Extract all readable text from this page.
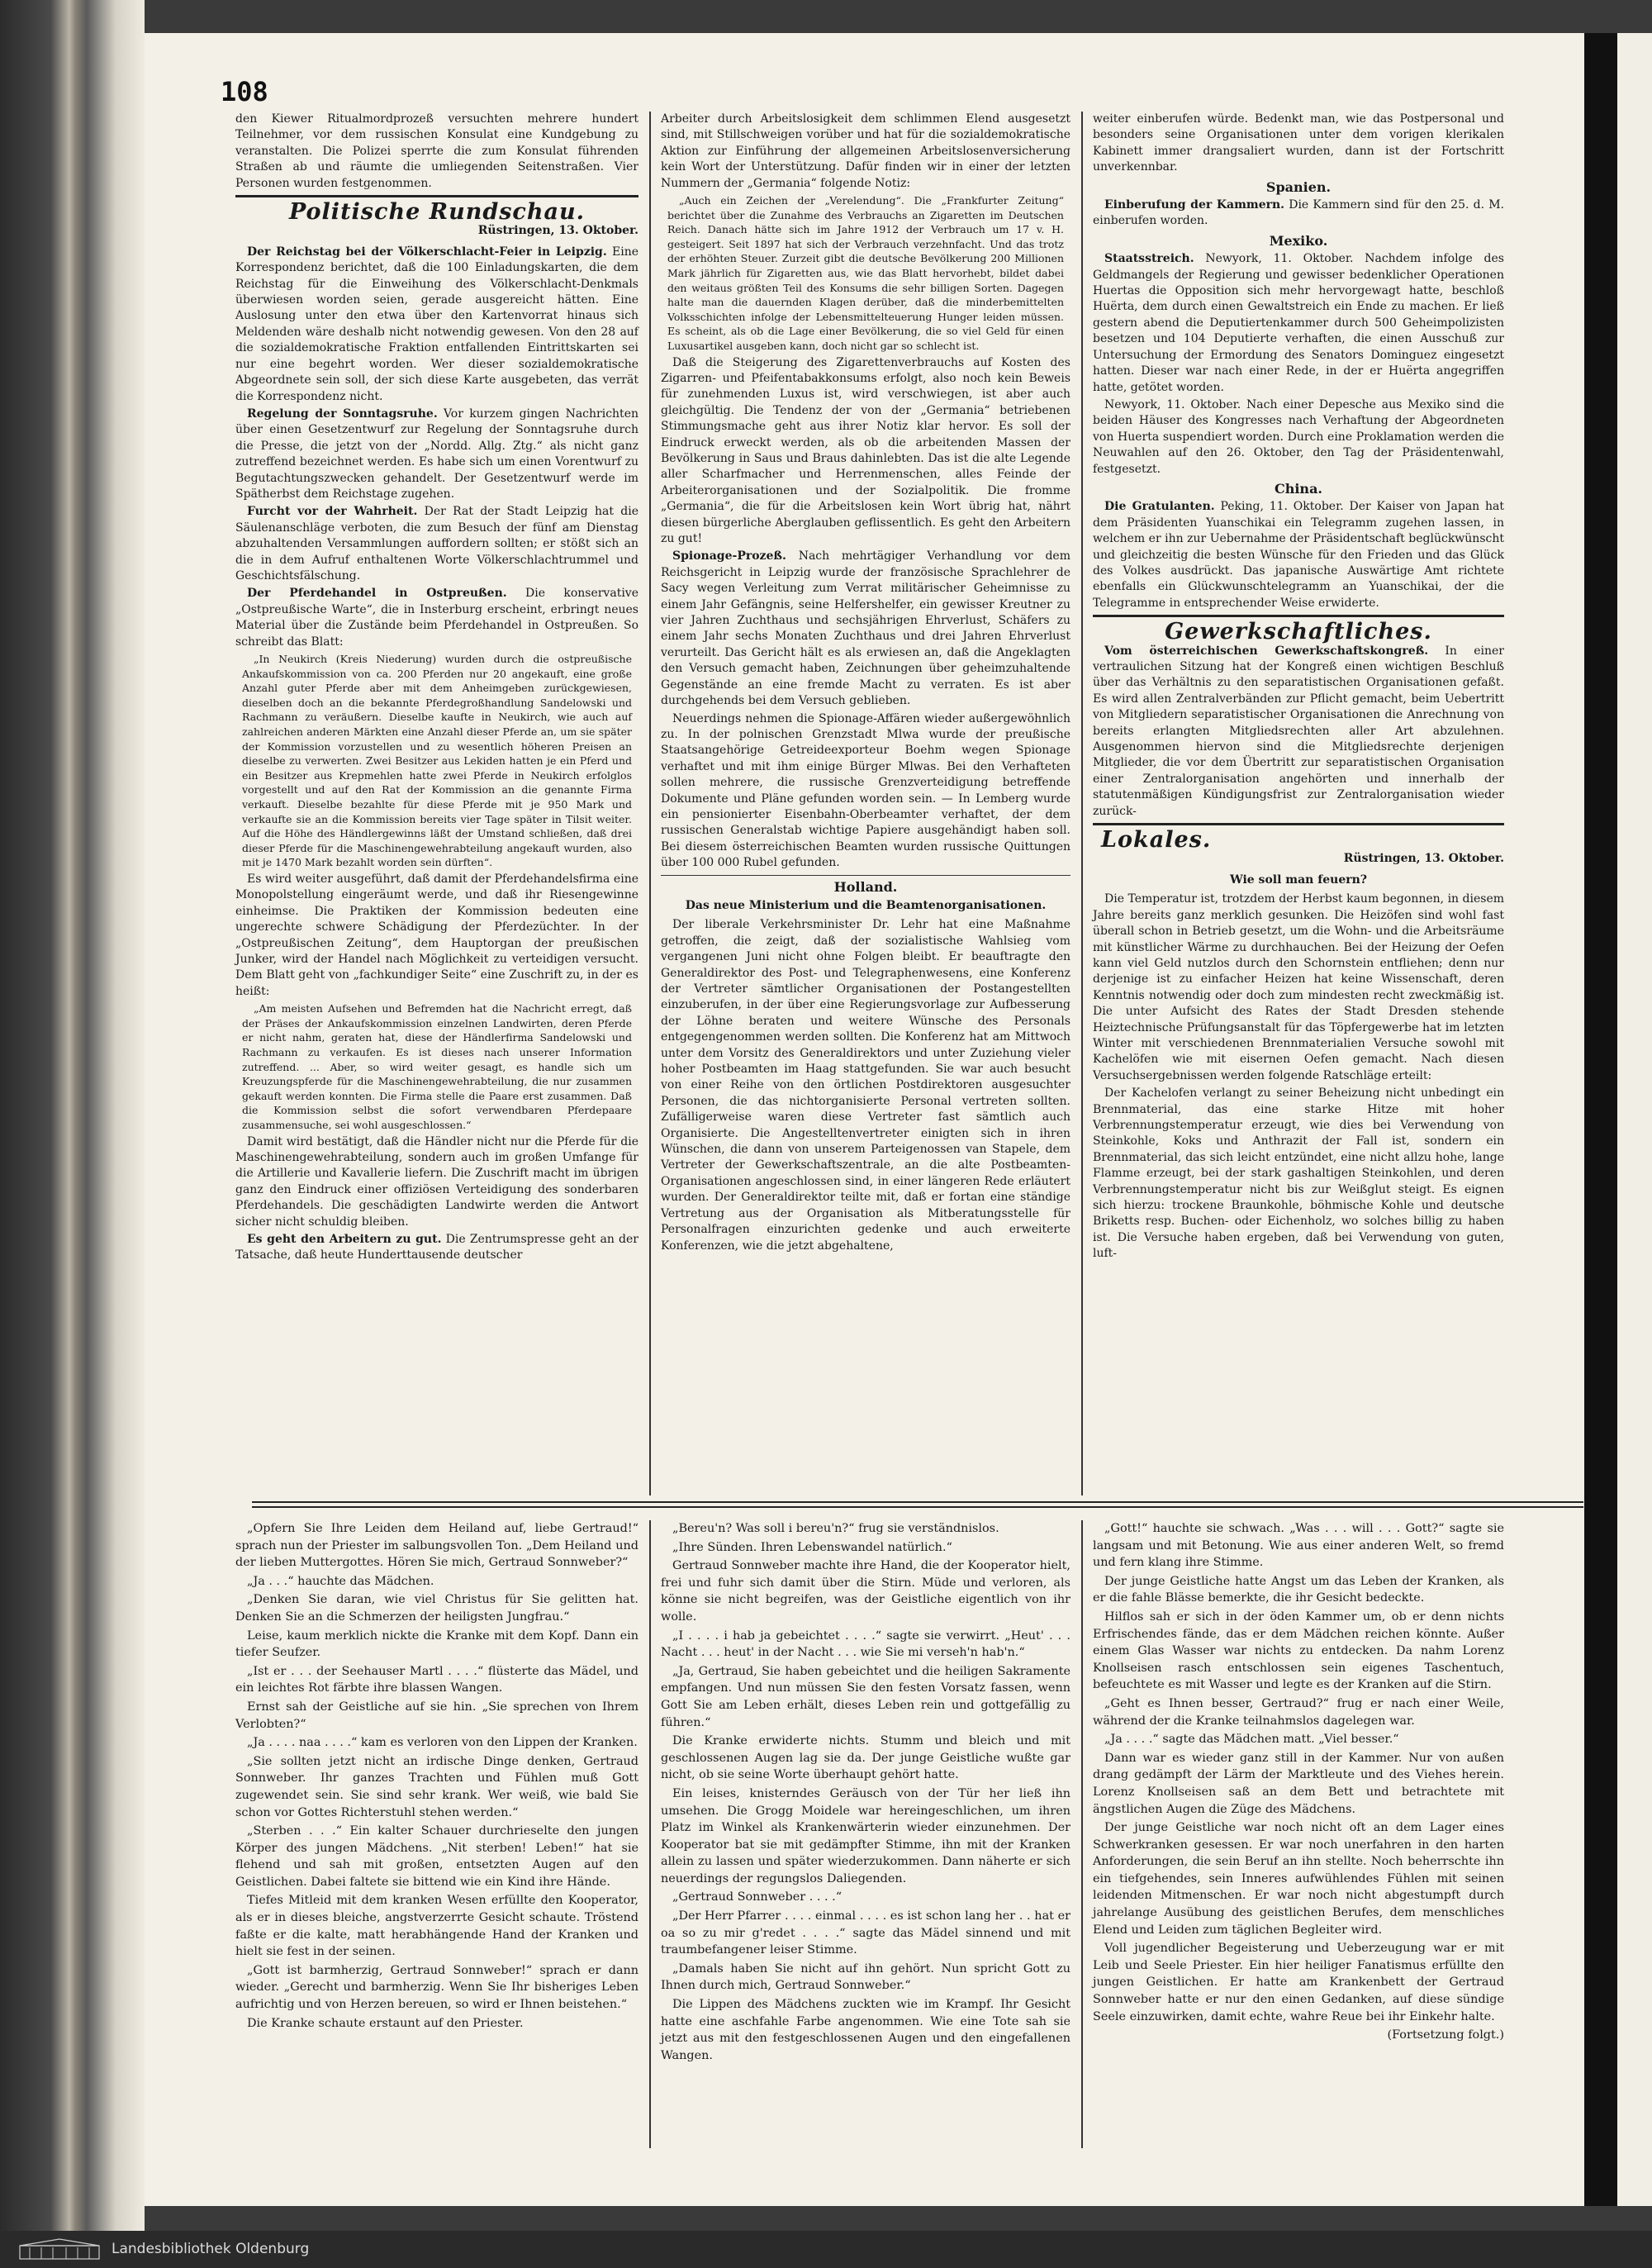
108

den Kiewer Ritualmordprozeß versuchten mehrere hundert Teilnehmer, vor dem russischen Konsulat eine Kundgebung zu veranstalten. Die Polizei sperrte die zum Konsulat führenden Straßen ab und räumte die umliegenden Seitenstraßen. Vier Personen wurden festgenommen.

Politische Rundschau.

Rüstringen, 13. Oktober.

Der Reichstag bei der Völkerschlacht-Feier in Leipzig. Eine Korrespondenz berichtet, daß die 100 Einladungskarten, die dem Reichstag für die Einweihung des Völkerschlacht-Denkmals überwiesen worden seien, gerade ausgereicht hätten. Eine Auslosung unter den etwa über den Kartenvorrat hinaus sich Meldenden wäre deshalb nicht notwendig gewesen. Von den 28 auf die sozialdemokratische Fraktion entfallenden Eintrittskarten sei nur eine begehrt worden. Wer dieser sozialdemokratische Abgeordnete sein soll, der sich diese Karte ausgebeten, das verrät die Korrespondenz nicht.

Regelung der Sonntagsruhe. Vor kurzem gingen Nachrichten über einen Gesetzentwurf zur Regelung der Sonntagsruhe durch die Presse, die jetzt von der „Nordd. Allg. Ztg.“ als nicht ganz zutreffend bezeichnet werden. Es habe sich um einen Vorentwurf zu Begutachtungszwecken gehandelt. Der Gesetzentwurf werde im Spätherbst dem Reichstage zugehen.

Furcht vor der Wahrheit. Der Rat der Stadt Leipzig hat die Säulenanschläge verboten, die zum Besuch der fünf am Dienstag abzuhaltenden Versammlungen auffordern sollten; er stößt sich an die in dem Aufruf enthaltenen Worte Völkerschlachtrummel und Geschichtsfälschung.

Der Pferdehandel in Ostpreußen. Die konservative „Ostpreußische Warte“, die in Insterburg erscheint, erbringt neues Material über die Zustände beim Pferdehandel in Ostpreußen. So schreibt das Blatt:

„In Neukirch (Kreis Niederung) wurden durch die ostpreußische Ankaufskommission von ca. 200 Pferden nur 20 angekauft, eine große Anzahl guter Pferde aber mit dem Anheimgeben zurückgewiesen, dieselben doch an die bekannte Pferdegroßhandlung Sandelowski und Rachmann zu veräußern. Dieselbe kaufte in Neukirch, wie auch auf zahlreichen anderen Märkten eine Anzahl dieser Pferde an, um sie später der Kommission vorzustellen und zu wesentlich höheren Preisen an dieselbe zu verwerten. Zwei Besitzer aus Lekiden hatten je ein Pferd und ein Besitzer aus Krepmehlen hatte zwei Pferde in Neukirch erfolglos vorgestellt und auf den Rat der Kommission an die genannte Firma verkauft. Dieselbe bezahlte für diese Pferde mit je 950 Mark und verkaufte sie an die Kommission bereits vier Tage später in Tilsit weiter. Auf die Höhe des Händlergewinns läßt der Umstand schließen, daß drei dieser Pferde für die Maschinengewehrabteilung angekauft wurden, also mit je 1470 Mark bezahlt worden sein dürften“.

Es wird weiter ausgeführt, daß damit der Pferdehandelsfirma eine Monopolstellung eingeräumt werde, und daß ihr Riesengewinne einheimse. Die Praktiken der Kommission bedeuten eine ungerechte schwere Schädigung der Pferdezüchter. In der „Ostpreußischen Zeitung“, dem Hauptorgan der preußischen Junker, wird der Handel nach Möglichkeit zu verteidigen versucht. Dem Blatt geht von „fachkundiger Seite“ eine Zuschrift zu, in der es heißt:

„Am meisten Aufsehen und Befremden hat die Nachricht erregt, daß der Präses der Ankaufskommission einzelnen Landwirten, deren Pferde er nicht nahm, geraten hat, diese der Händlerfirma Sandelowski und Rachmann zu verkaufen. Es ist dieses nach unserer Information zutreffend. ... Aber, so wird weiter gesagt, es handle sich um Kreuzungspferde für die Maschinengewehrabteilung, die nur zusammen gekauft werden konnten. Die Firma stelle die Paare erst zusammen. Daß die Kommission selbst die sofort verwendbaren Pferdepaare zusammensuche, sei wohl ausgeschlossen.“

Damit wird bestätigt, daß die Händler nicht nur die Pferde für die Maschinengewehrabteilung, sondern auch im großen Umfange für die Artillerie und Kavallerie liefern. Die Zuschrift macht im übrigen ganz den Eindruck einer offiziösen Verteidigung des sonderbaren Pferdehandels. Die geschädigten Landwirte werden die Antwort sicher nicht schuldig bleiben.

Es geht den Arbeitern zu gut. Die Zentrumspresse geht an der Tatsache, daß heute Hunderttausende deutscher

Arbeiter durch Arbeitslosigkeit dem schlimmen Elend ausgesetzt sind, mit Stillschweigen vorüber und hat für die sozialdemokratische Aktion zur Einführung der allgemeinen Arbeitslosenversicherung kein Wort der Unterstützung. Dafür finden wir in einer der letzten Nummern der „Germania“ folgende Notiz:

„Auch ein Zeichen der „Verelendung“. Die „Frankfurter Zeitung“ berichtet über die Zunahme des Verbrauchs an Zigaretten im Deutschen Reich. Danach hätte sich im Jahre 1912 der Verbrauch um 17 v. H. gesteigert. Seit 1897 hat sich der Verbrauch verzehnfacht. Und das trotz der erhöhten Steuer. Zurzeit gibt die deutsche Bevölkerung 200 Millionen Mark jährlich für Zigaretten aus, wie das Blatt hervorhebt, bildet dabei den weitaus größten Teil des Konsums die sehr billigen Sorten. Dagegen halte man die dauernden Klagen derüber, daß die minderbemittelten Volksschichten infolge der Lebensmittelteuerung Hunger leiden müssen. Es scheint, als ob die Lage einer Bevölkerung, die so viel Geld für einen Luxusartikel ausgeben kann, doch nicht gar so schlecht ist.

Daß die Steigerung des Zigarettenverbrauchs auf Kosten des Zigarren- und Pfeifentabakkonsums erfolgt, also noch kein Beweis für zunehmenden Luxus ist, wird verschwiegen, ist aber auch gleichgültig. Die Tendenz der von der „Germania“ betriebenen Stimmungsmache geht aus ihrer Notiz klar hervor. Es soll der Eindruck erweckt werden, als ob die arbeitenden Massen der Bevölkerung in Saus und Braus dahinlebten. Das ist die alte Legende aller Scharfmacher und Herrenmenschen, alles Feinde der Arbeiterorganisationen und der Sozialpolitik. Die fromme „Germania“, die für die Arbeitslosen kein Wort übrig hat, nährt diesen bürgerliche Aberglauben geflissentlich. Es geht den Arbeitern zu gut!

Spionage-Prozeß. Nach mehrtägiger Verhandlung vor dem Reichsgericht in Leipzig wurde der französische Sprachlehrer de Sacy wegen Verleitung zum Verrat militärischer Geheimnisse zu einem Jahr Gefängnis, seine Helfershelfer, ein gewisser Kreutner zu vier Jahren Zuchthaus und sechsjährigen Ehrverlust, Schäfers zu einem Jahr sechs Monaten Zuchthaus und drei Jahren Ehrverlust verurteilt. Das Gericht hält es als erwiesen an, daß die Angeklagten den Versuch gemacht haben, Zeichnungen über geheimzuhaltende Gegenstände an eine fremde Macht zu verraten. Es ist aber durchgehends bei dem Versuch geblieben.

Neuerdings nehmen die Spionage-Affären wieder außergewöhnlich zu. In der polnischen Grenzstadt Mlwa wurde der preußische Staatsangehörige Getreideexporteur Boehm wegen Spionage verhaftet und mit ihm einige Bürger Mlwas. Bei den Verhafteten sollen mehrere, die russische Grenzverteidigung betreffende Dokumente und Pläne gefunden worden sein. — In Lemberg wurde ein pensionierter Eisenbahn-Oberbeamter verhaftet, der dem russischen Generalstab wichtige Papiere ausgehändigt haben soll. Bei diesem österreichischen Beamten wurden russische Quittungen über 100 000 Rubel gefunden.

Holland.

Das neue Ministerium und die Beamtenorganisationen.

Der liberale Verkehrsminister Dr. Lehr hat eine Maßnahme getroffen, die zeigt, daß der sozialistische Wahlsieg vom vergangenen Juni nicht ohne Folgen bleibt. Er beauftragte den Generaldirektor des Post- und Telegraphenwesens, eine Konferenz der Vertreter sämtlicher Organisationen der Postangestellten einzuberufen, in der über eine Regierungsvorlage zur Aufbesserung der Löhne beraten und weitere Wünsche des Personals entgegengenommen werden sollten. Die Konferenz hat am Mittwoch unter dem Vorsitz des Generaldirektors und unter Zuziehung vieler hoher Postbeamten im Haag stattgefunden. Sie war auch besucht von einer Reihe von den örtlichen Postdirektoren ausgesuchter Personen, die das nichtorganisierte Personal vertreten sollten. Zufälligerweise waren diese Vertreter fast sämtlich auch Organisierte. Die Angestelltenvertreter einigten sich in ihren Wünschen, die dann von unserem Parteigenossen van Stapele, dem Vertreter der Gewerkschaftszentrale, an die alte Postbeamten-Organisationen angeschlossen sind, in einer längeren Rede erläutert wurden. Der Generaldirektor teilte mit, daß er fortan eine ständige Vertretung aus der Organisation als Mitberatungsstelle für Personalfragen einzurichten gedenke und auch erweiterte Konferenzen, wie die jetzt abgehaltene,

weiter einberufen würde. Bedenkt man, wie das Postpersonal und besonders seine Organisationen unter dem vorigen klerikalen Kabinett immer drangsaliert wurden, dann ist der Fortschritt unverkennbar.

Spanien.

Einberufung der Kammern. Die Kammern sind für den 25. d. M. einberufen worden.

Mexiko.

Staatsstreich. Newyork, 11. Oktober. Nachdem infolge des Geldmangels der Regierung und gewisser bedenklicher Operationen Huertas die Opposition sich mehr hervorgewagt hatte, beschloß Huërta, dem durch einen Gewaltstreich ein Ende zu machen. Er ließ gestern abend die Deputiertenkammer durch 500 Geheimpolizisten besetzen und 104 Deputierte verhaften, die einen Ausschuß zur Untersuchung der Ermordung des Senators Dominguez eingesetzt hatten. Dieser war nach einer Rede, in der er Huërta angegriffen hatte, getötet worden.

Newyork, 11. Oktober. Nach einer Depesche aus Mexiko sind die beiden Häuser des Kongresses nach Verhaftung der Abgeordneten von Huerta suspendiert worden. Durch eine Proklamation werden die Neuwahlen auf den 26. Oktober, den Tag der Präsidentenwahl, festgesetzt.

China.

Die Gratulanten. Peking, 11. Oktober. Der Kaiser von Japan hat dem Präsidenten Yuanschikai ein Telegramm zugehen lassen, in welchem er ihn zur Uebernahme der Präsidentschaft beglückwünscht und gleichzeitig die besten Wünsche für den Frieden und das Glück des Volkes ausdrückt. Das japanische Auswärtige Amt richtete ebenfalls ein Glückwunschtelegramm an Yuanschikai, der die Telegramme in entsprechender Weise erwiderte.

Gewerkschaftliches.

Vom österreichischen Gewerkschaftskongreß. In einer vertraulichen Sitzung hat der Kongreß einen wichtigen Beschluß über das Verhältnis zu den separatistischen Organisationen gefaßt. Es wird allen Zentralverbänden zur Pflicht gemacht, beim Uebertritt von Mitgliedern separatistischer Organisationen die Anrechnung von bereits erlangten Mitgliedsrechten aller Art abzulehnen. Ausgenommen hiervon sind die Mitgliedsrechte derjenigen Mitglieder, die vor dem Übertritt zur separatistischen Organisation einer Zentralorganisation angehörten und innerhalb der statutenmäßigen Kündigungsfrist zur Zentralorganisation wieder zurück-

Lokales.

Rüstringen, 13. Oktober.

Wie soll man feuern?

Die Temperatur ist, trotzdem der Herbst kaum begonnen, in diesem Jahre bereits ganz merklich gesunken. Die Heizöfen sind wohl fast überall schon in Betrieb gesetzt, um die Wohn- und die Arbeitsräume mit künstlicher Wärme zu durchhauchen. Bei der Heizung der Oefen kann viel Geld nutzlos durch den Schornstein entfliehen; denn nur derjenige ist zu einfacher Heizen hat keine Wissenschaft, deren Kenntnis notwendig oder doch zum mindesten recht zweckmäßig ist. Die unter Aufsicht des Rates der Stadt Dresden stehende Heiztechnische Prüfungsanstalt für das Töpfergewerbe hat im letzten Winter mit verschiedenen Brennmaterialien Versuche sowohl mit Kachelöfen wie mit eisernen Oefen gemacht. Nach diesen Versuchsergebnissen werden folgende Ratschläge erteilt:

Der Kachelofen verlangt zu seiner Beheizung nicht unbedingt ein Brennmaterial, das eine starke Hitze mit hoher Verbrennungstemperatur erzeugt, wie dies bei Verwendung von Steinkohle, Koks und Anthrazit der Fall ist, sondern ein Brennmaterial, das sich leicht entzündet, eine nicht allzu hohe, lange Flamme erzeugt, bei der stark gashaltigen Steinkohlen, und deren Verbrennungstemperatur nicht bis zur Weißglut steigt. Es eignen sich hierzu: trockene Braunkohle, böhmische Kohle und deutsche Briketts resp. Buchen- oder Eichenholz, wo solches billig zu haben ist. Die Versuche haben ergeben, daß bei Verwendung von guten, luft-

„Opfern Sie Ihre Leiden dem Heiland auf, liebe Gertraud!“ sprach nun der Priester im salbungsvollen Ton. „Dem Heiland und der lieben Muttergottes. Hören Sie mich, Gertraud Sonnweber?“

„Ja . . .“ hauchte das Mädchen.

„Denken Sie daran, wie viel Christus für Sie gelitten hat. Denken Sie an die Schmerzen der heiligsten Jungfrau.“

Leise, kaum merklich nickte die Kranke mit dem Kopf. Dann ein tiefer Seufzer.

„Ist er . . . der Seehauser Martl . . . .“ flüsterte das Mädel, und ein leichtes Rot färbte ihre blassen Wangen.

Ernst sah der Geistliche auf sie hin. „Sie sprechen von Ihrem Verlobten?“

„Ja . . . . naa . . . .“ kam es verloren von den Lippen der Kranken.

„Sie sollten jetzt nicht an irdische Dinge denken, Gertraud Sonnweber. Ihr ganzes Trachten und Fühlen muß Gott zugewendet sein. Sie sind sehr krank. Wer weiß, wie bald Sie schon vor Gottes Richterstuhl stehen werden.“

„Sterben . . .“ Ein kalter Schauer durchrieselte den jungen Körper des jungen Mädchens. „Nit sterben! Leben!“ hat sie flehend und sah mit großen, entsetzten Augen auf den Geistlichen. Dabei faltete sie bittend wie ein Kind ihre Hände.

Tiefes Mitleid mit dem kranken Wesen erfüllte den Kooperator, als er in dieses bleiche, angstverzerrte Gesicht schaute. Tröstend faßte er die kalte, matt herabhängende Hand der Kranken und hielt sie fest in der seinen.

„Gott ist barmherzig, Gertraud Sonnweber!“ sprach er dann wieder. „Gerecht und barmherzig. Wenn Sie Ihr bisheriges Leben aufrichtig und von Herzen bereuen, so wird er Ihnen beistehen.“

Die Kranke schaute erstaunt auf den Priester.

„Bereu'n? Was soll i bereu'n?“ frug sie verständnislos.

„Ihre Sünden. Ihren Lebenswandel natürlich.“

Gertraud Sonnweber machte ihre Hand, die der Kooperator hielt, frei und fuhr sich damit über die Stirn. Müde und verloren, als könne sie nicht begreifen, was der Geistliche eigentlich von ihr wolle.

„I . . . . i hab ja gebeichtet . . . .“ sagte sie verwirrt. „Heut' . . . Nacht . . . heut' in der Nacht . . . wie Sie mi verseh'n hab'n.“

„Ja, Gertraud, Sie haben gebeichtet und die heiligen Sakramente empfangen. Und nun müssen Sie den festen Vorsatz fassen, wenn Gott Sie am Leben erhält, dieses Leben rein und gottgefällig zu führen.“

Die Kranke erwiderte nichts. Stumm und bleich und mit geschlossenen Augen lag sie da. Der junge Geistliche wußte gar nicht, ob sie seine Worte überhaupt gehört hatte.

Ein leises, knisterndes Geräusch von der Tür her ließ ihn umsehen. Die Grogg Moidele war hereingeschlichen, um ihren Platz im Winkel als Krankenwärterin wieder einzunehmen. Der Kooperator bat sie mit gedämpfter Stimme, ihn mit der Kranken allein zu lassen und später wiederzukommen. Dann näherte er sich neuerdings der regungslos Daliegenden.

„Gertraud Sonnweber . . . .“

„Der Herr Pfarrer . . . . einmal . . . . es ist schon lang her . . hat er oa so zu mir g'redet . . . .“ sagte das Mädel sinnend und mit traumbefangener leiser Stimme.

„Damals haben Sie nicht auf ihn gehört. Nun spricht Gott zu Ihnen durch mich, Gertraud Sonnweber.“

Die Lippen des Mädchens zuckten wie im Krampf. Ihr Gesicht hatte eine aschfahle Farbe angenommen. Wie eine Tote sah sie jetzt aus mit den festgeschlossenen Augen und den eingefallenen Wangen.

„Gott!“ hauchte sie schwach. „Was . . . will . . . Gott?“ sagte sie langsam und mit Betonung. Wie aus einer anderen Welt, so fremd und fern klang ihre Stimme.

Der junge Geistliche hatte Angst um das Leben der Kranken, als er die fahle Blässe bemerkte, die ihr Gesicht bedeckte.

Hilflos sah er sich in der öden Kammer um, ob er denn nichts Erfrischendes fände, das er dem Mädchen reichen könnte. Außer einem Glas Wasser war nichts zu entdecken. Da nahm Lorenz Knollseisen rasch entschlossen sein eigenes Taschentuch, befeuchtete es mit Wasser und legte es der Kranken auf die Stirn.

„Geht es Ihnen besser, Gertraud?“ frug er nach einer Weile, während der die Kranke teilnahmslos dagelegen war.

„Ja . . . .“ sagte das Mädchen matt. „Viel besser.“

Dann war es wieder ganz still in der Kammer. Nur von außen drang gedämpft der Lärm der Marktleute und des Viehes herein. Lorenz Knollseisen saß an dem Bett und betrachtete mit ängstlichen Augen die Züge des Mädchens.

Der junge Geistliche war noch nicht oft an dem Lager eines Schwerkranken gesessen. Er war noch unerfahren in den harten Anforderungen, die sein Beruf an ihn stellte. Noch beherrschte ihn ein tiefgehendes, sein Inneres aufwühlendes Fühlen mit seinen leidenden Mitmenschen. Er war noch nicht abgestumpft durch jahrelange Ausübung des geistlichen Berufes, dem menschliches Elend und Leiden zum täglichen Begleiter wird.

Voll jugendlicher Begeisterung und Ueberzeugung war er mit Leib und Seele Priester. Ein hier heiliger Fanatismus erfüllte den jungen Geistlichen. Er hatte am Krankenbett der Gertraud Sonnweber hatte er nur den einen Gedanken, auf diese sündige Seele einzuwirken, damit echte, wahre Reue bei ihr Einkehr halte.

(Fortsetzung folgt.)

Landesbibliothek Oldenburg
